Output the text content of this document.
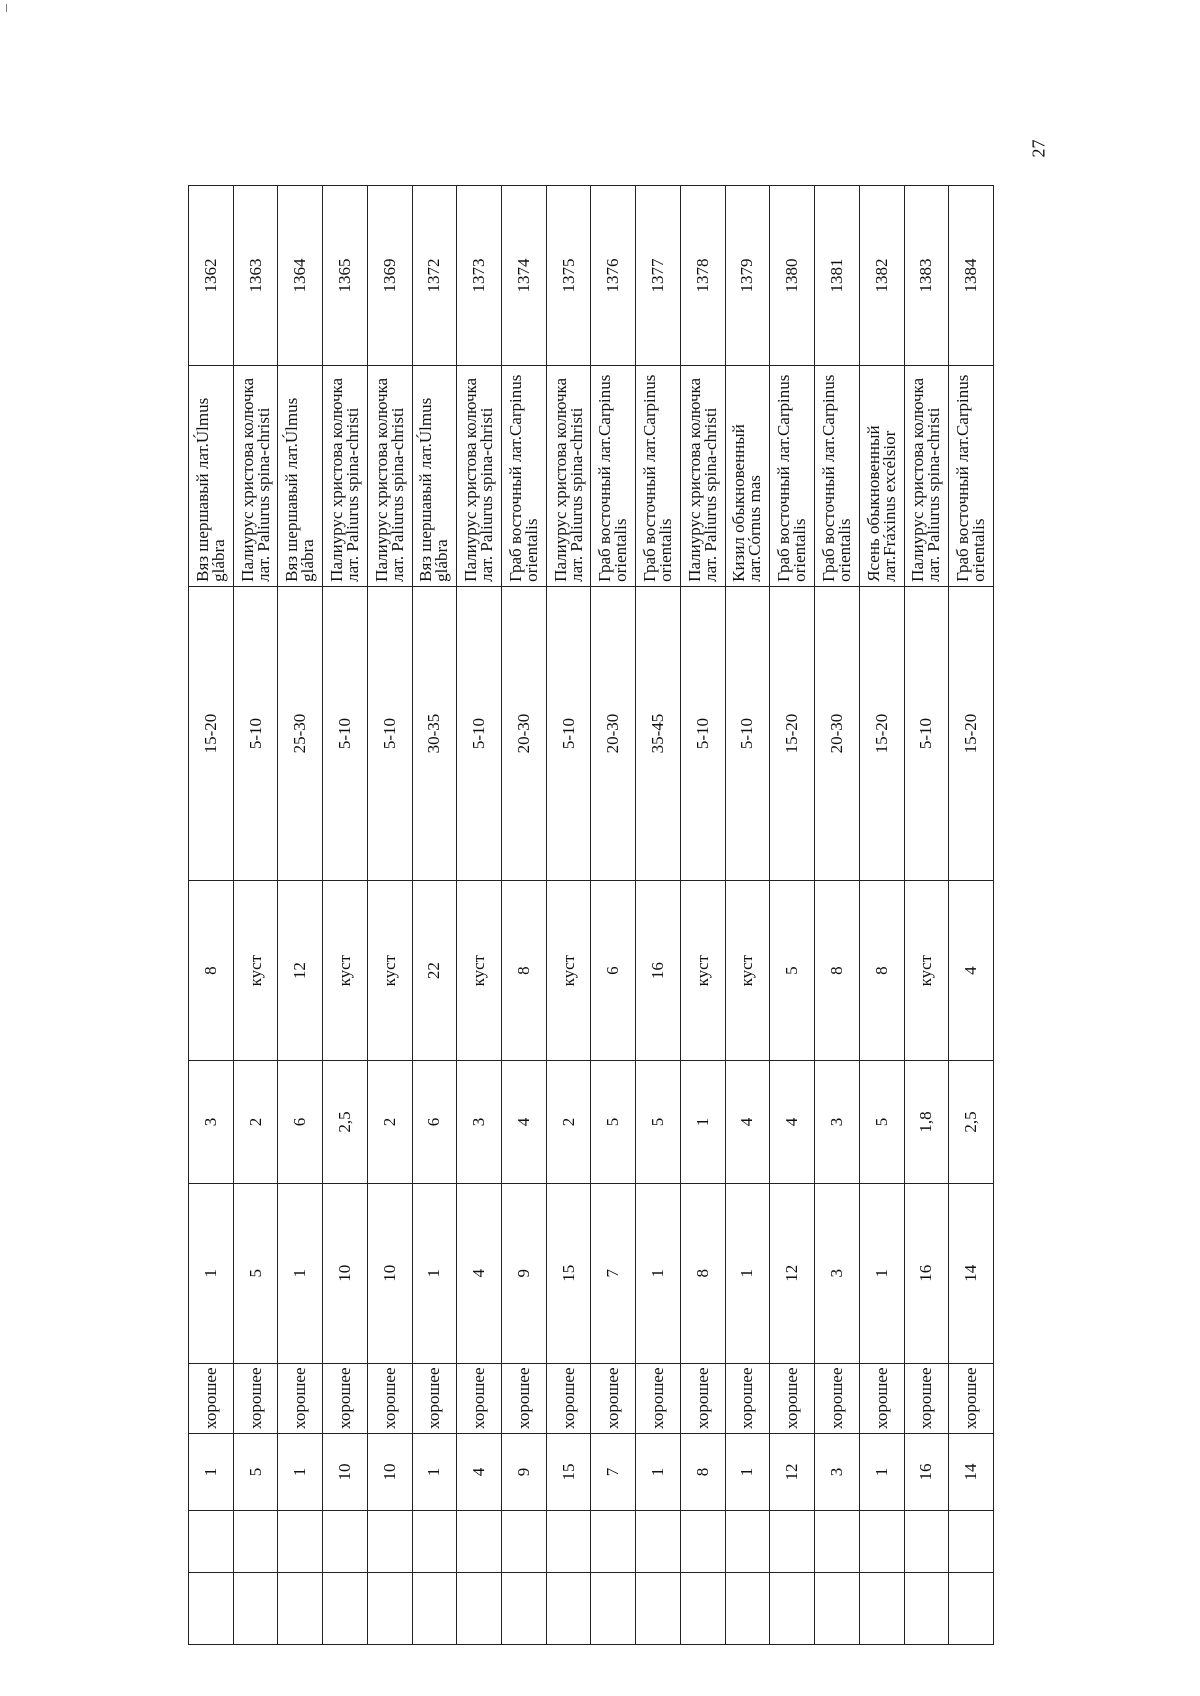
		1	хорошее	1	3	8	15-20	Вяз шершавый лат.Úlmus glábra	1362
		5	хорошее	5	2	куст	5-10	Палиурус христова колючка лат. Paliurus spina-christi	1363
		1	хорошее	1	6	12	25-30	Вяз шершавый лат.Úlmus glábra	1364
		10	хорошее	10	2,5	куст	5-10	Палиурус христова колючка лат. Paliurus spina-christi	1365
		10	хорошее	10	2	куст	5-10	Палиурус христова колючка лат. Paliurus spina-christi	1369
		1	хорошее	1	6	22	30-35	Вяз шершавый лат.Úlmus glábra	1372
		4	хорошее	4	3	куст	5-10	Палиурус христова колючка лат. Paliurus spina-christi	1373
		9	хорошее	9	4	8	20-30	Граб восточный лат.Carpinus orientalis	1374
		15	хорошее	15	2	куст	5-10	Палиурус христова колючка лат. Paliurus spina-christi	1375
		7	хорошее	7	5	6	20-30	Граб восточный лат.Carpinus orientalis	1376
		1	хорошее	1	5	16	35-45	Граб восточный лат.Carpinus orientalis	1377
		8	хорошее	8	1	куст	5-10	Палиурус христова колючка лат. Paliurus spina-christi	1378
		1	хорошее	1	4	куст	5-10	Кизил обыкновенный лат.Córnus mas	1379
		12	хорошее	12	4	5	15-20	Граб восточный лат.Carpinus orientalis	1380
		3	хорошее	3	3	8	20-30	Граб восточный лат.Carpinus orientalis	1381
		1	хорошее	1	5	8	15-20	Ясень обыкновенный лат.Fráxinus excélsior	1382
		16	хорошее	16	1,8	куст	5-10	Палиурус христова колючка лат. Paliurus spina-christi	1383
		14	хорошее	14	2,5	4	15-20	Граб восточный лат.Carpinus orientalis	1384
27
